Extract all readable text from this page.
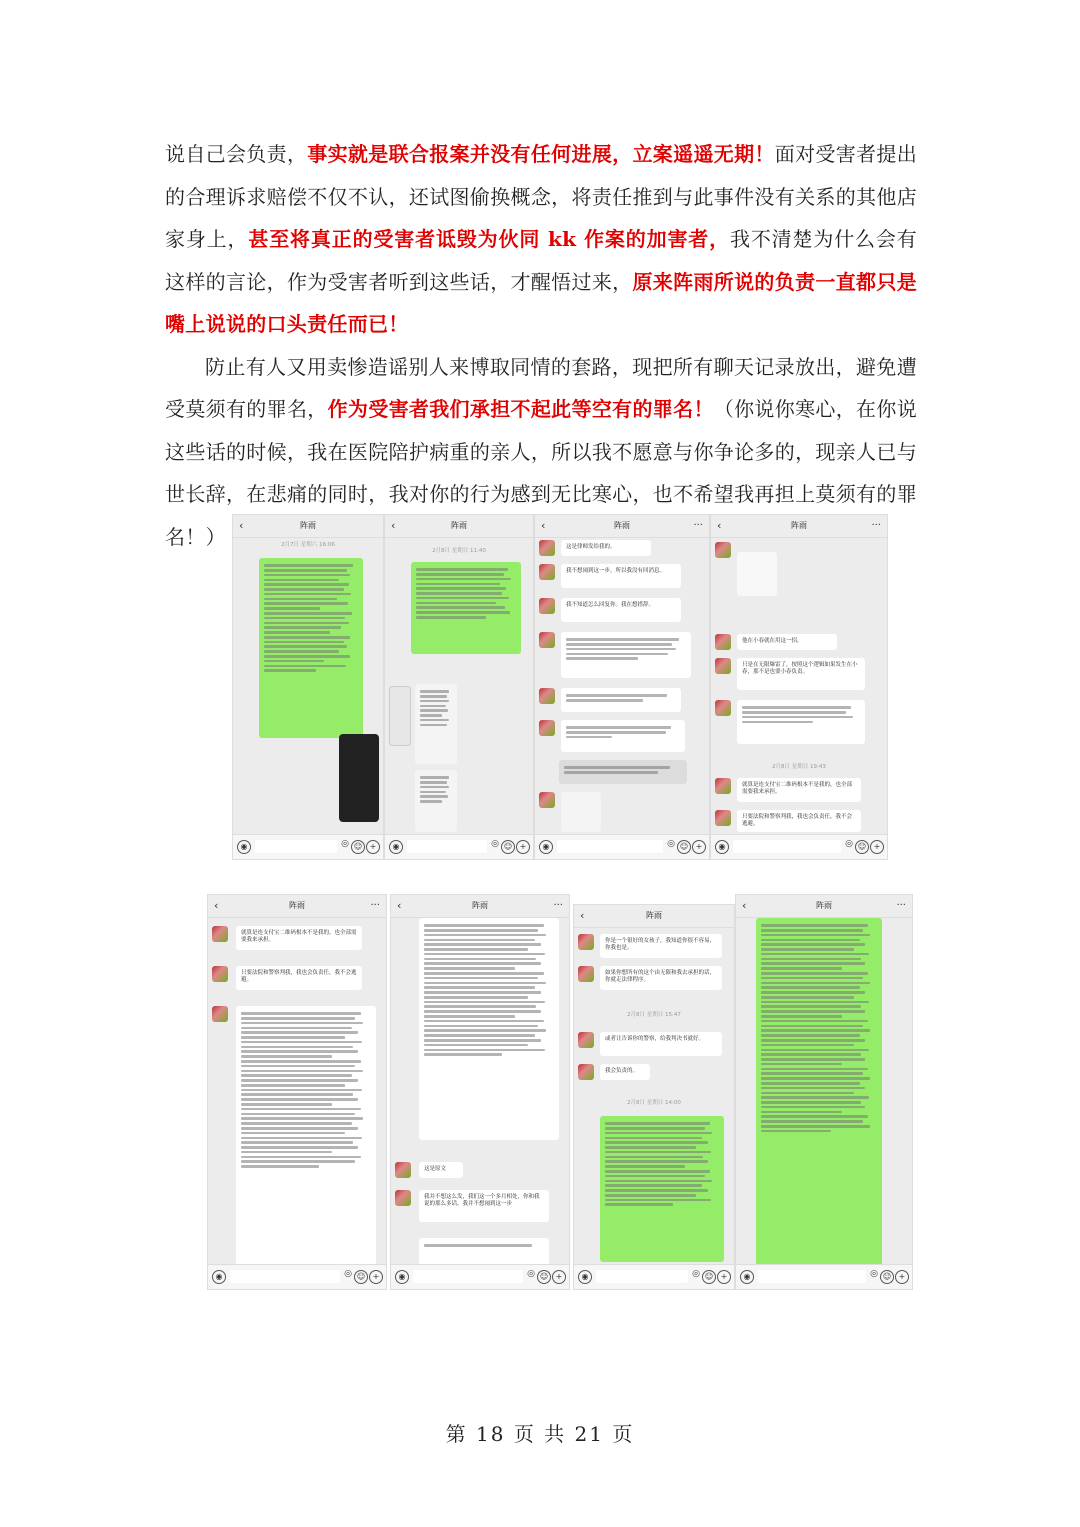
说自己会负责，事实就是联合报案并没有任何进展，立案遥遥无期！面对受害者提出的合理诉求赔偿不仅不认，还试图偷换概念，将责任推到与此事件没有关系的其他店家身上，甚至将真正的受害者诋毁为伙同 kk 作案的加害者，我不清楚为什么会有这样的言论，作为受害者听到这些话，才醒悟过来，原来阵雨所说的负责一直都只是嘴上说说的口头责任而已！

防止有人又用卖惨造谣别人来博取同情的套路，现把所有聊天记录放出，避免遭受莫须有的罪名，作为受害者我们承担不起此等空有的罪名！（你说你寒心，在你说这些话的时候，我在医院陪护病重的亲人，所以我不愿意与你争论多的，现亲人已与世长辞，在悲痛的同时，我对你的行为感到无比寒心，也不希望我再担上莫须有的罪名！）	‹	阵雨
2月7日 星期六 16:06
◉	◎ ☺ +
‹	阵雨
2月8日 星期日 11:40
◉	◎ ☺ +
‹	阵雨	···
这是律师发给我的。
我不想闹到这一步。所以我没有回消息。
我不知道怎么回复你。我在想措辞。
◉	◎ ☺ +
‹	阵雨	···
他在小春就在用这一招。
只是在无限爆雷了，按照这个逻辑如果发生在小春，那不是也要小春负责。
2月8日 星期日 19:43
就算是连支付宝二维码根本不是我的，也全部需要我来承担。
只要法院和警察判我，我也会负责任，我不会逃避。
◉	◎ ☺ +
‹	阵雨	···
就算是连支付宝二维码根本不是我的，也全部需要我来承担。
只要法院和警察判我，我也会负责任，我不会逃避。
◉	◎ ☺ +
‹	阵雨	···
这是原文
我并不想这么发，我们这一个多月相处，你和我说的那么多话，我并不想闹到这一步
◉	◎ ☺ +
‹	阵雨
你是一个很好的女孩子，我知道你很不容易，你我也是。
如果你想所有的这个由无限和我去承担的话，你就走法律程序。
2月8日 星期日 15:47
或者让告诉你的警察，给我判决书就好。
我会负责的。
2月8日 星期日 14:00
◉	◎ ☺ +
‹	阵雨	···
◉	◎ ☺ +
第 18 页 共 21 页
